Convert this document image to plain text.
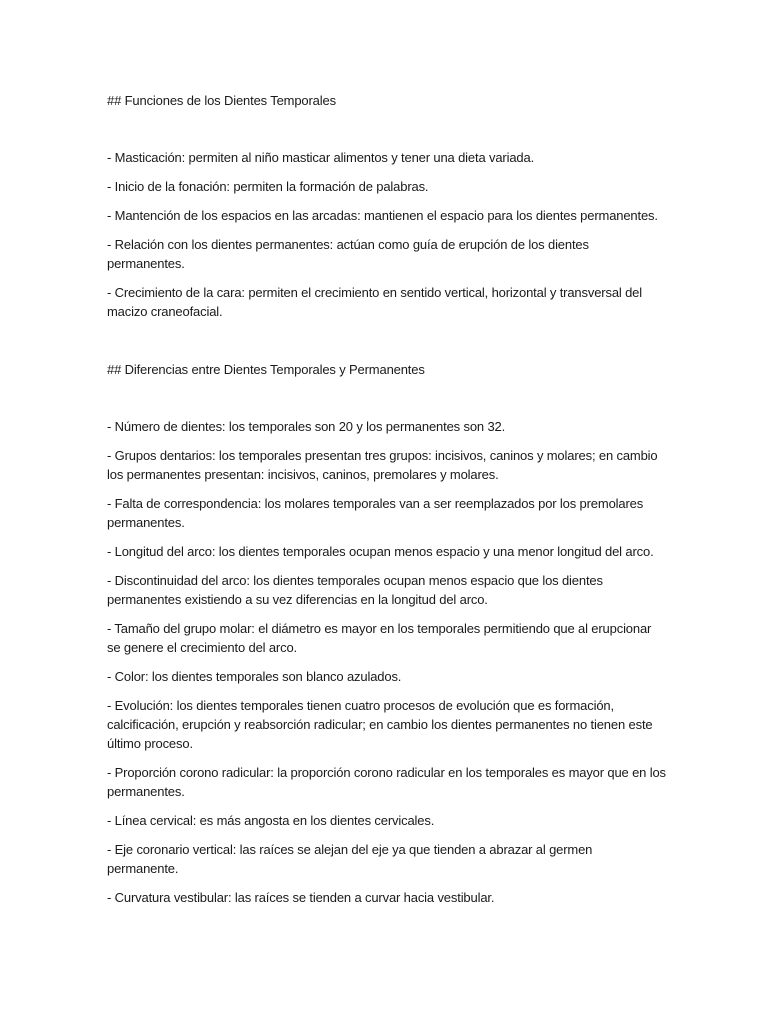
## Funciones de los Dientes Temporales
- Masticación: permiten al niño masticar alimentos y tener una dieta variada.
- Inicio de la fonación: permiten la formación de palabras.
- Mantención de los espacios en las arcadas: mantienen el espacio para los dientes permanentes.
- Relación con los dientes permanentes: actúan como guía de erupción de los dientes permanentes.
- Crecimiento de la cara: permiten el crecimiento en sentido vertical, horizontal y transversal del macizo craneofacial.
## Diferencias entre Dientes Temporales y Permanentes
- Número de dientes: los temporales son 20 y los permanentes son 32.
- Grupos dentarios: los temporales presentan tres grupos: incisivos, caninos y molares; en cambio los permanentes presentan: incisivos, caninos, premolares y molares.
- Falta de correspondencia: los molares temporales van a ser reemplazados por los premolares permanentes.
- Longitud del arco: los dientes temporales ocupan menos espacio y una menor longitud del arco.
- Discontinuidad del arco: los dientes temporales ocupan menos espacio que los dientes permanentes existiendo a su vez diferencias en la longitud del arco.
- Tamaño del grupo molar: el diámetro es mayor en los temporales permitiendo que al erupcionar se genere el crecimiento del arco.
- Color: los dientes temporales son blanco azulados.
- Evolución: los dientes temporales tienen cuatro procesos de evolución que es formación, calcificación, erupción y reabsorción radicular; en cambio los dientes permanentes no tienen este último proceso.
- Proporción corono radicular: la proporción corono radicular en los temporales es mayor que en los permanentes.
- Línea cervical: es más angosta en los dientes cervicales.
- Eje coronario vertical: las raíces se alejan del eje ya que tienden a abrazar al germen permanente.
- Curvatura vestibular: las raíces se tienden a curvar hacia vestibular.
